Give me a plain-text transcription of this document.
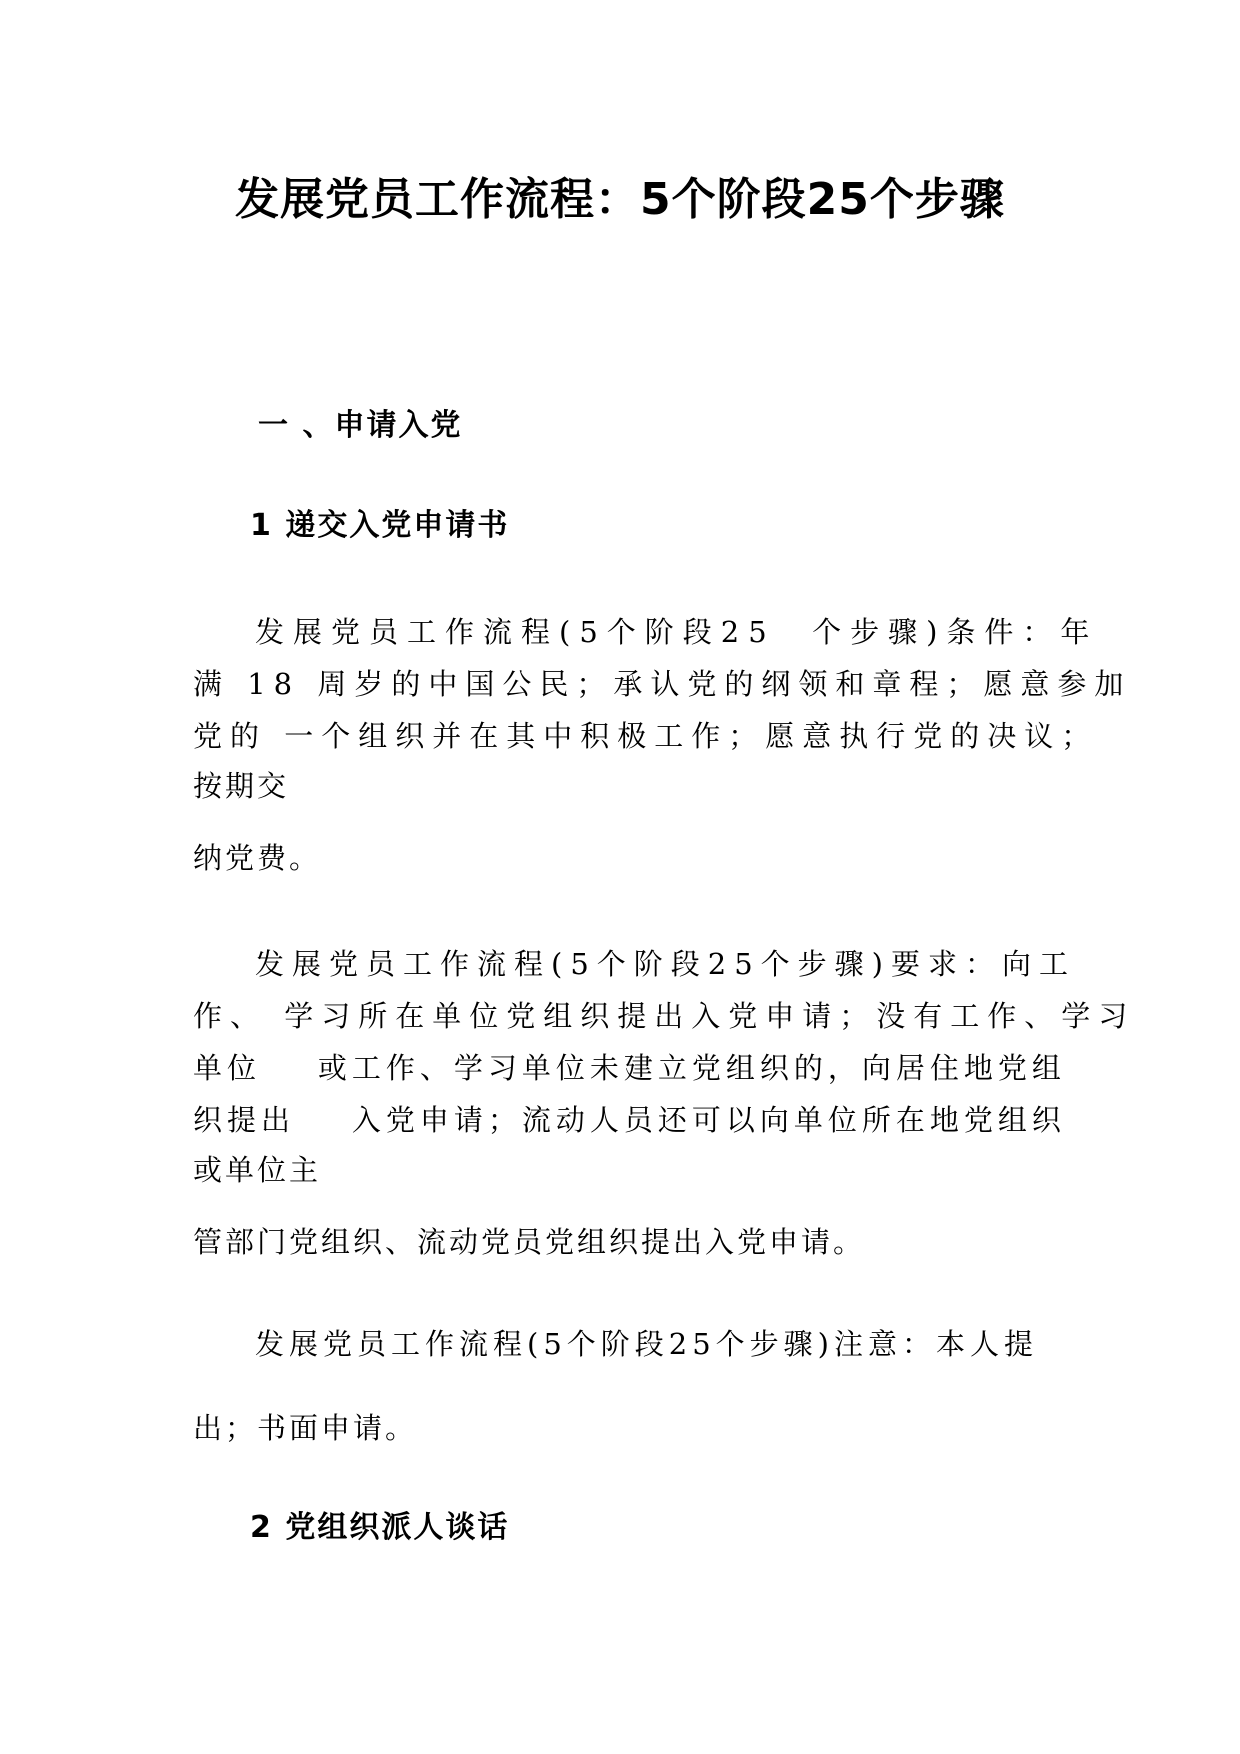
发展党员工作流程：5个阶段25个步骤
一 、申请入党
1 递交入党申请书
发展党员工作流程(5个阶段25  个步骤)条件：年
满 18 周岁的中国公民；承认党的纲领和章程；愿意参加
党的 一个组织并在其中积极工作；愿意执行党的决议；
按期交
纳党费。
发展党员工作流程(5个阶段25个步骤)要求：向工
作、 学习所在单位党组织提出入党申请；没有工作、学习
单位    或工作、学习单位未建立党组织的，向居住地党组
织提出    入党申请；流动人员还可以向单位所在地党组织
或单位主
管部门党组织、流动党员党组织提出入党申请。
发展党员工作流程(5个阶段25个步骤)注意：本人提
出；书面申请。
2 党组织派人谈话
